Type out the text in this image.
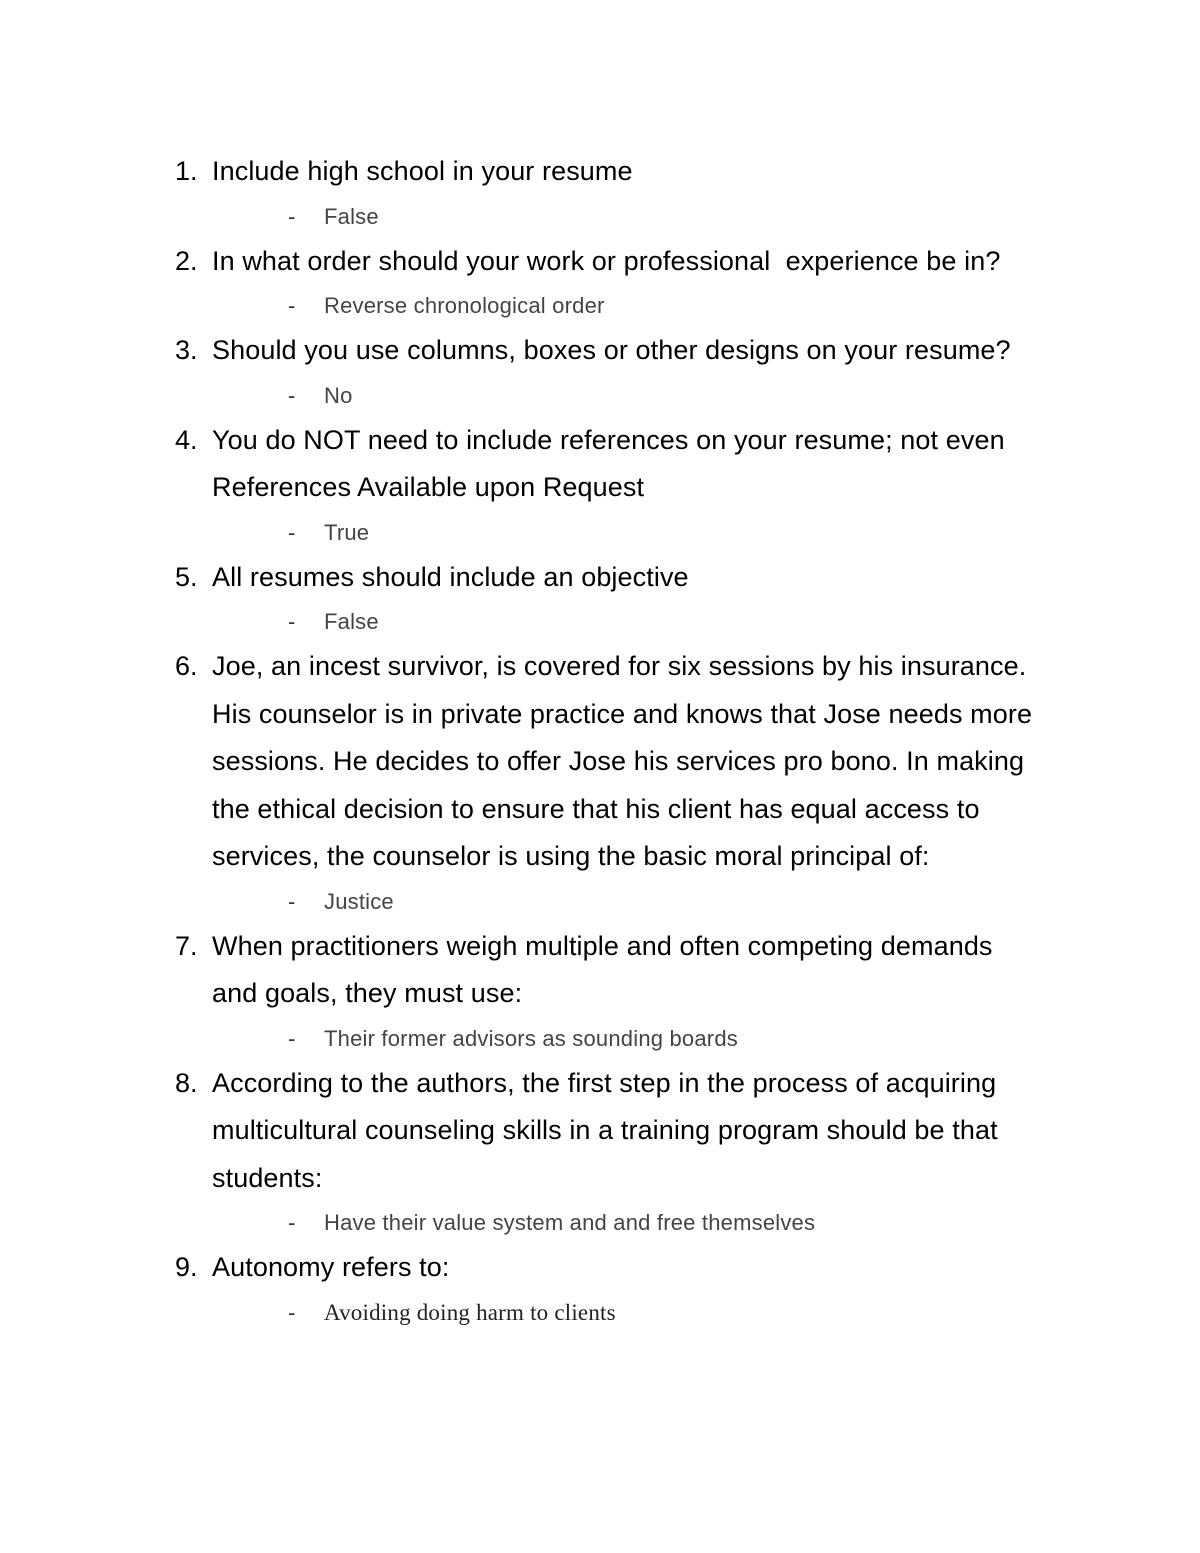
1. Include high school in your resume
- False
2. In what order should your work or professional  experience be in?
- Reverse chronological order
3. Should you use columns, boxes or other designs on your resume?
- No
4. You do NOT need to include references on your resume; not even References Available upon Request
- True
5. All resumes should include an objective
- False
6. Joe, an incest survivor, is covered for six sessions by his insurance. His counselor is in private practice and knows that Jose needs more sessions. He decides to offer Jose his services pro bono. In making the ethical decision to ensure that his client has equal access to services, the counselor is using the basic moral principal of:
- Justice
7. When practitioners weigh multiple and often competing demands and goals, they must use:
- Their former advisors as sounding boards
8. According to the authors, the first step in the process of acquiring multicultural counseling skills in a training program should be that students:
- Have their value system and and free themselves
9. Autonomy refers to:
- Avoiding doing harm to clients
